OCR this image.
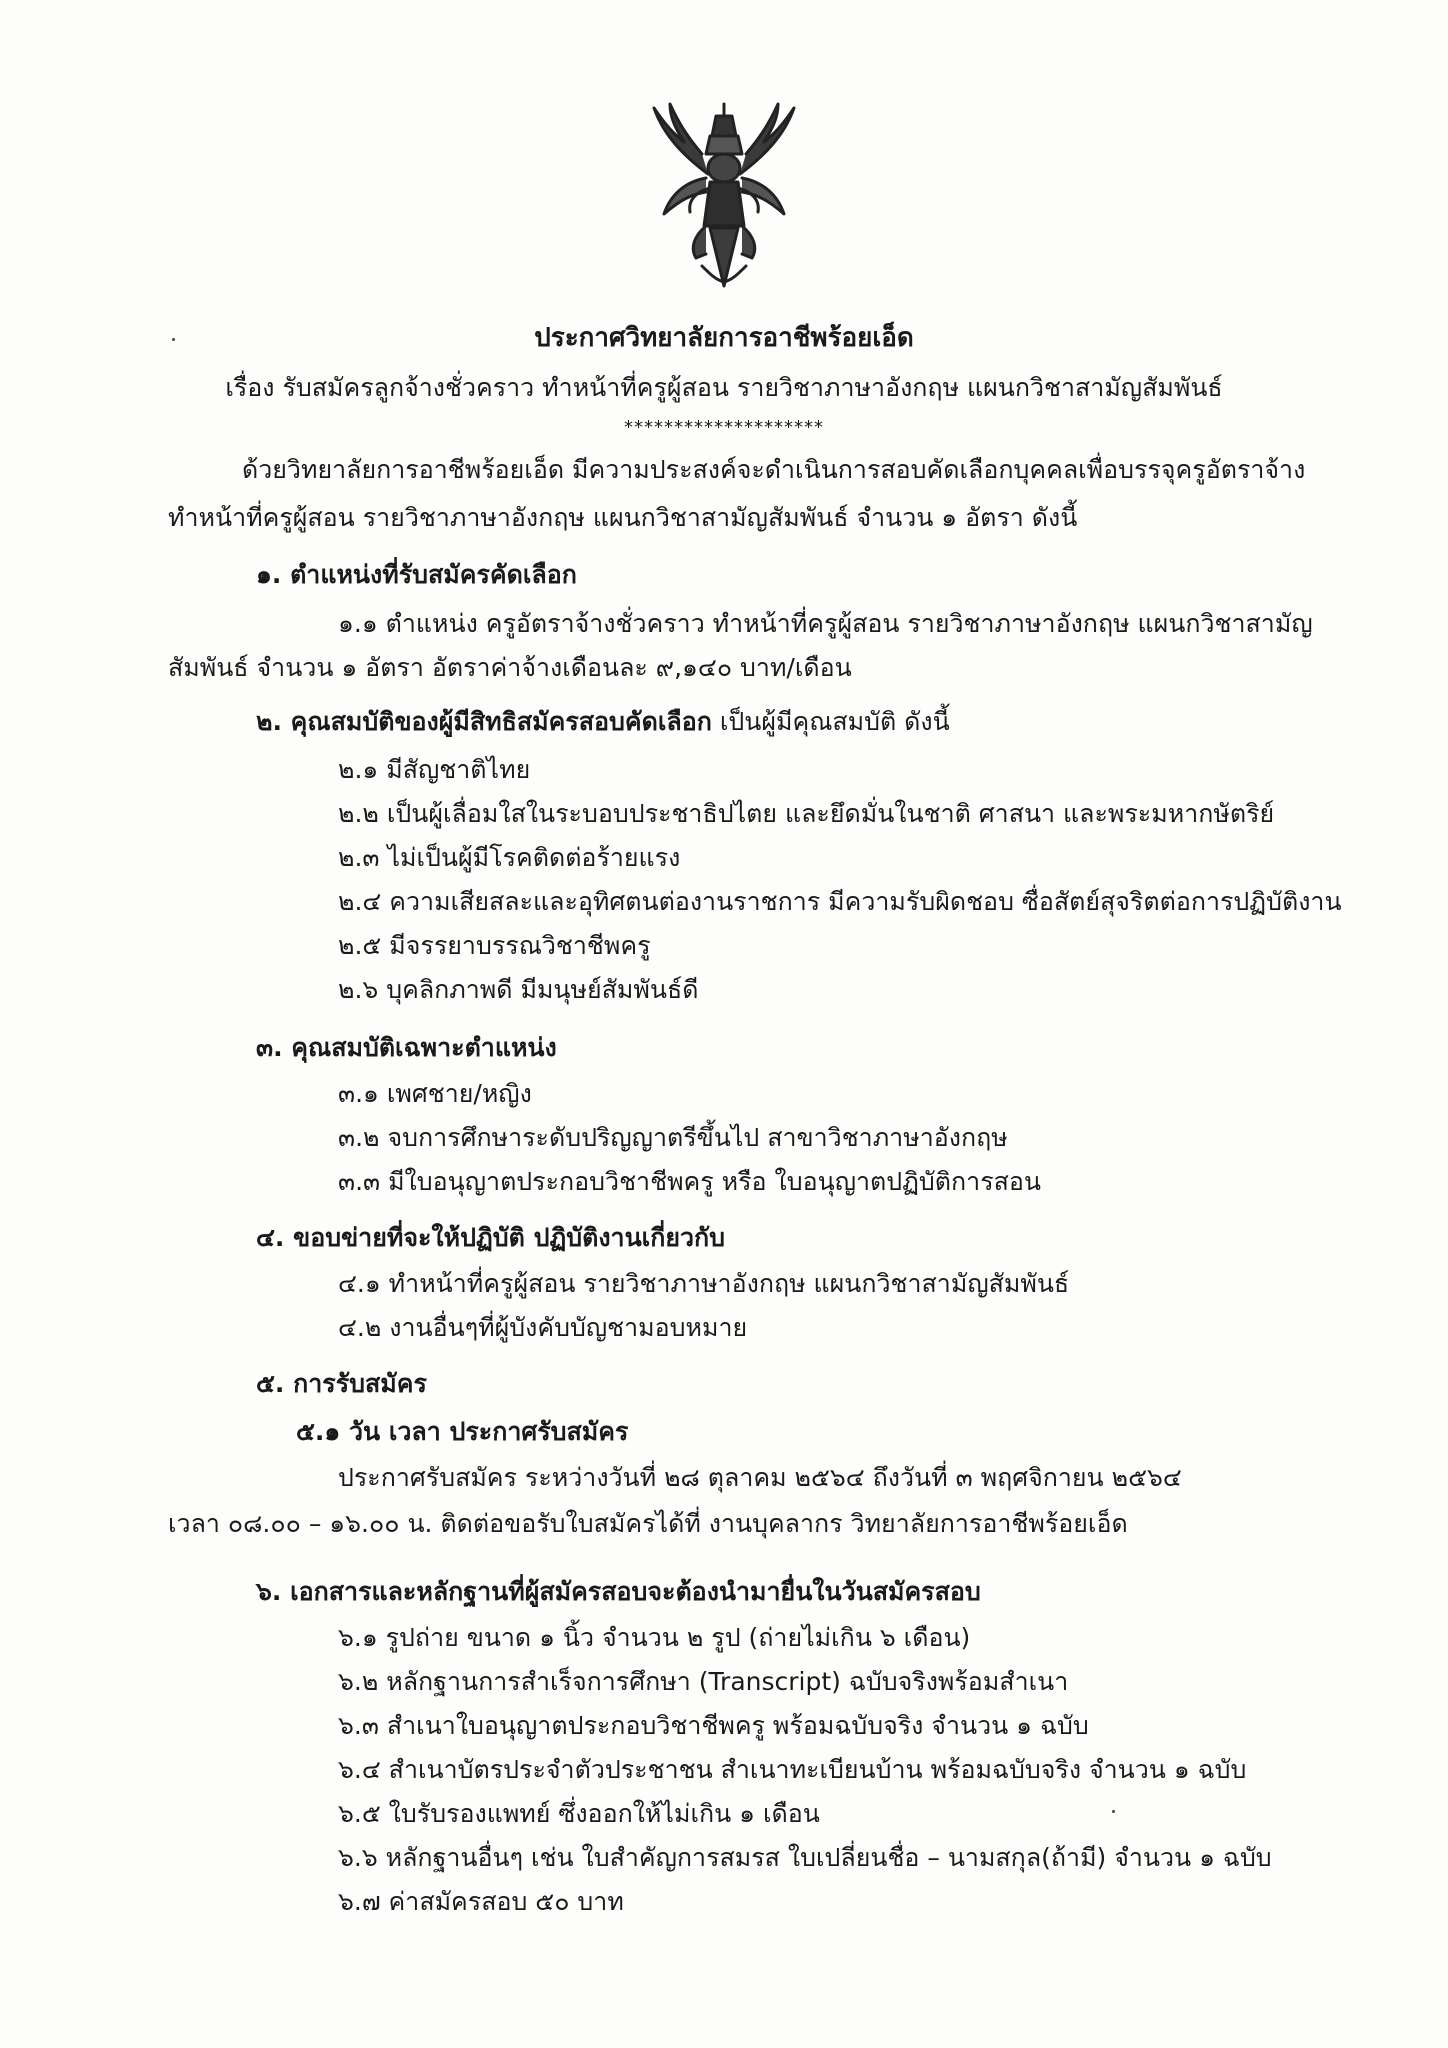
ประกาศวิทยาลัยการอาชีพร้อยเอ็ด
เรื่อง รับสมัครลูกจ้างชั่วคราว ทำหน้าที่ครูผู้สอน รายวิชาภาษาอังกฤษ แผนกวิชาสามัญสัมพันธ์
********************
ด้วยวิทยาลัยการอาชีพร้อยเอ็ด มีความประสงค์จะดำเนินการสอบคัดเลือกบุคคลเพื่อบรรจุครูอัตราจ้าง
ทำหน้าที่ครูผู้สอน รายวิชาภาษาอังกฤษ แผนกวิชาสามัญสัมพันธ์ จำนวน ๑ อัตรา ดังนี้
๑. ตำแหน่งที่รับสมัครคัดเลือก
๑.๑ ตำแหน่ง ครูอัตราจ้างชั่วคราว ทำหน้าที่ครูผู้สอน รายวิชาภาษาอังกฤษ แผนกวิชาสามัญ
สัมพันธ์ จำนวน ๑ อัตรา อัตราค่าจ้างเดือนละ ๙,๑๔๐ บาท/เดือน
๒. คุณสมบัติของผู้มีสิทธิสมัครสอบคัดเลือก เป็นผู้มีคุณสมบัติ ดังนี้
๒.๑ มีสัญชาติไทย
๒.๒ เป็นผู้เลื่อมใสในระบอบประชาธิปไตย และยึดมั่นในชาติ ศาสนา และพระมหากษัตริย์
๒.๓ ไม่เป็นผู้มีโรคติดต่อร้ายแรง
๒.๔ ความเสียสละและอุทิศตนต่องานราชการ มีความรับผิดชอบ ซื่อสัตย์สุจริตต่อการปฏิบัติงาน
๒.๕ มีจรรยาบรรณวิชาชีพครู
๒.๖ บุคลิกภาพดี มีมนุษย์สัมพันธ์ดี
๓. คุณสมบัติเฉพาะตำแหน่ง
๓.๑ เพศชาย/หญิง
๓.๒ จบการศึกษาระดับปริญญาตรีขึ้นไป สาขาวิชาภาษาอังกฤษ
๓.๓ มีใบอนุญาตประกอบวิชาชีพครู หรือ ใบอนุญาตปฏิบัติการสอน
๔. ขอบข่ายที่จะให้ปฏิบัติ ปฏิบัติงานเกี่ยวกับ
๔.๑ ทำหน้าที่ครูผู้สอน รายวิชาภาษาอังกฤษ แผนกวิชาสามัญสัมพันธ์
๔.๒ งานอื่นๆที่ผู้บังคับบัญชามอบหมาย
๕. การรับสมัคร
๕.๑ วัน เวลา ประกาศรับสมัคร
ประกาศรับสมัคร ระหว่างวันที่ ๒๘ ตุลาคม ๒๕๖๔ ถึงวันที่ ๓ พฤศจิกายน ๒๕๖๔
เวลา ๐๘.๐๐ – ๑๖.๐๐ น. ติดต่อขอรับใบสมัครได้ที่ งานบุคลากร วิทยาลัยการอาชีพร้อยเอ็ด
๖. เอกสารและหลักฐานที่ผู้สมัครสอบจะต้องนำมายื่นในวันสมัครสอบ
๖.๑ รูปถ่าย ขนาด ๑ นิ้ว จำนวน ๒ รูป (ถ่ายไม่เกิน ๖ เดือน)
๖.๒ หลักฐานการสำเร็จการศึกษา (Transcript) ฉบับจริงพร้อมสำเนา
๖.๓ สำเนาใบอนุญาตประกอบวิชาชีพครู พร้อมฉบับจริง จำนวน ๑ ฉบับ
๖.๔ สำเนาบัตรประจำตัวประชาชน สำเนาทะเบียนบ้าน พร้อมฉบับจริง จำนวน ๑ ฉบับ
๖.๕ ใบรับรองแพทย์ ซึ่งออกให้ไม่เกิน ๑ เดือน
๖.๖ หลักฐานอื่นๆ เช่น ใบสำคัญการสมรส ใบเปลี่ยนชื่อ – นามสกุล(ถ้ามี) จำนวน ๑ ฉบับ
๖.๗ ค่าสมัครสอบ ๕๐ บาท
